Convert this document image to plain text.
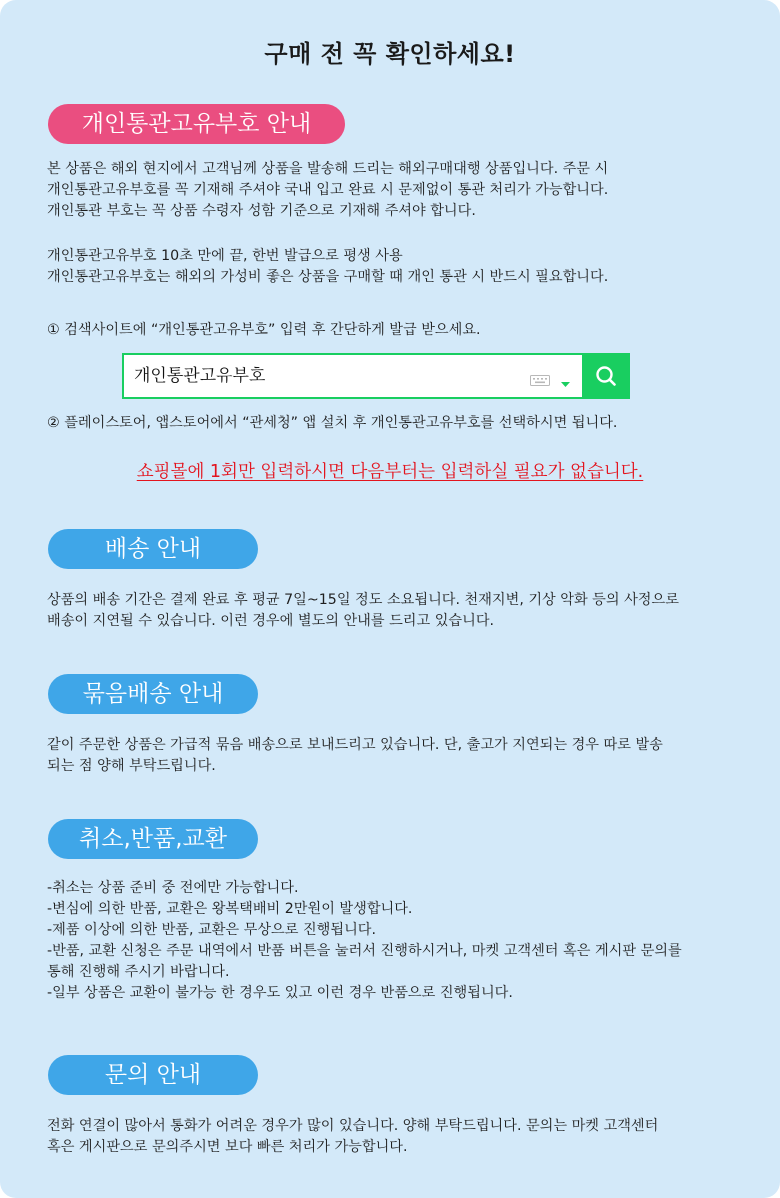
구매 전 꼭 확인하세요!
개인통관고유부호 안내

본 상품은 해외 현지에서 고객님께 상품을 발송해 드리는 해외구매대행 상품입니다. 주문 시

개인통관고유부호를 꼭 기재해 주셔야 국내 입고 완료 시 문제없이 통관 처리가 가능합니다.

개인통관 부호는 꼭 상품 수령자 성함 기준으로 기재해 주셔야 합니다.

개인통관고유부호 10초 만에 끝, 한번 발급으로 평생 사용

개인통관고유부호는 해외의 가성비 좋은 상품을 구매할 때 개인 통관 시 반드시 필요합니다.

① 검색사이트에 “개인통관고유부호” 입력 후 간단하게 발급 받으세요.

개인통관고유부호

② 플레이스토어, 앱스토어에서 “관세청” 앱 설치 후 개인통관고유부호를 선택하시면 됩니다.

쇼핑몰에 1회만 입력하시면 다음부터는 입력하실 필요가 없습니다.
배송 안내

상품의 배송 기간은 결제 완료 후 평균 7일~15일 정도 소요됩니다. 천재지변, 기상 악화 등의 사정으로

배송이 지연될 수 있습니다. 이런 경우에 별도의 안내를 드리고 있습니다.

묶음배송 안내

같이 주문한 상품은 가급적 묶음 배송으로 보내드리고 있습니다. 단, 출고가 지연되는 경우 따로 발송

되는 점 양해 부탁드립니다.

취소,반품,교환

-취소는 상품 준비 중 전에만 가능합니다.

-변심에 의한 반품, 교환은 왕복택배비 2만원이 발생합니다.

-제품 이상에 의한 반품, 교환은 무상으로 진행됩니다.

-반품, 교환 신청은 주문 내역에서 반품 버튼을 눌러서 진행하시거나, 마켓 고객센터 혹은 게시판 문의를

통해 진행해 주시기 바랍니다.

-일부 상품은 교환이 불가능 한 경우도 있고 이런 경우 반품으로 진행됩니다.

문의 안내

전화 연결이 많아서 통화가 어려운 경우가 많이 있습니다. 양해 부탁드립니다. 문의는 마켓 고객센터

혹은 게시판으로 문의주시면 보다 빠른 처리가 가능합니다.
